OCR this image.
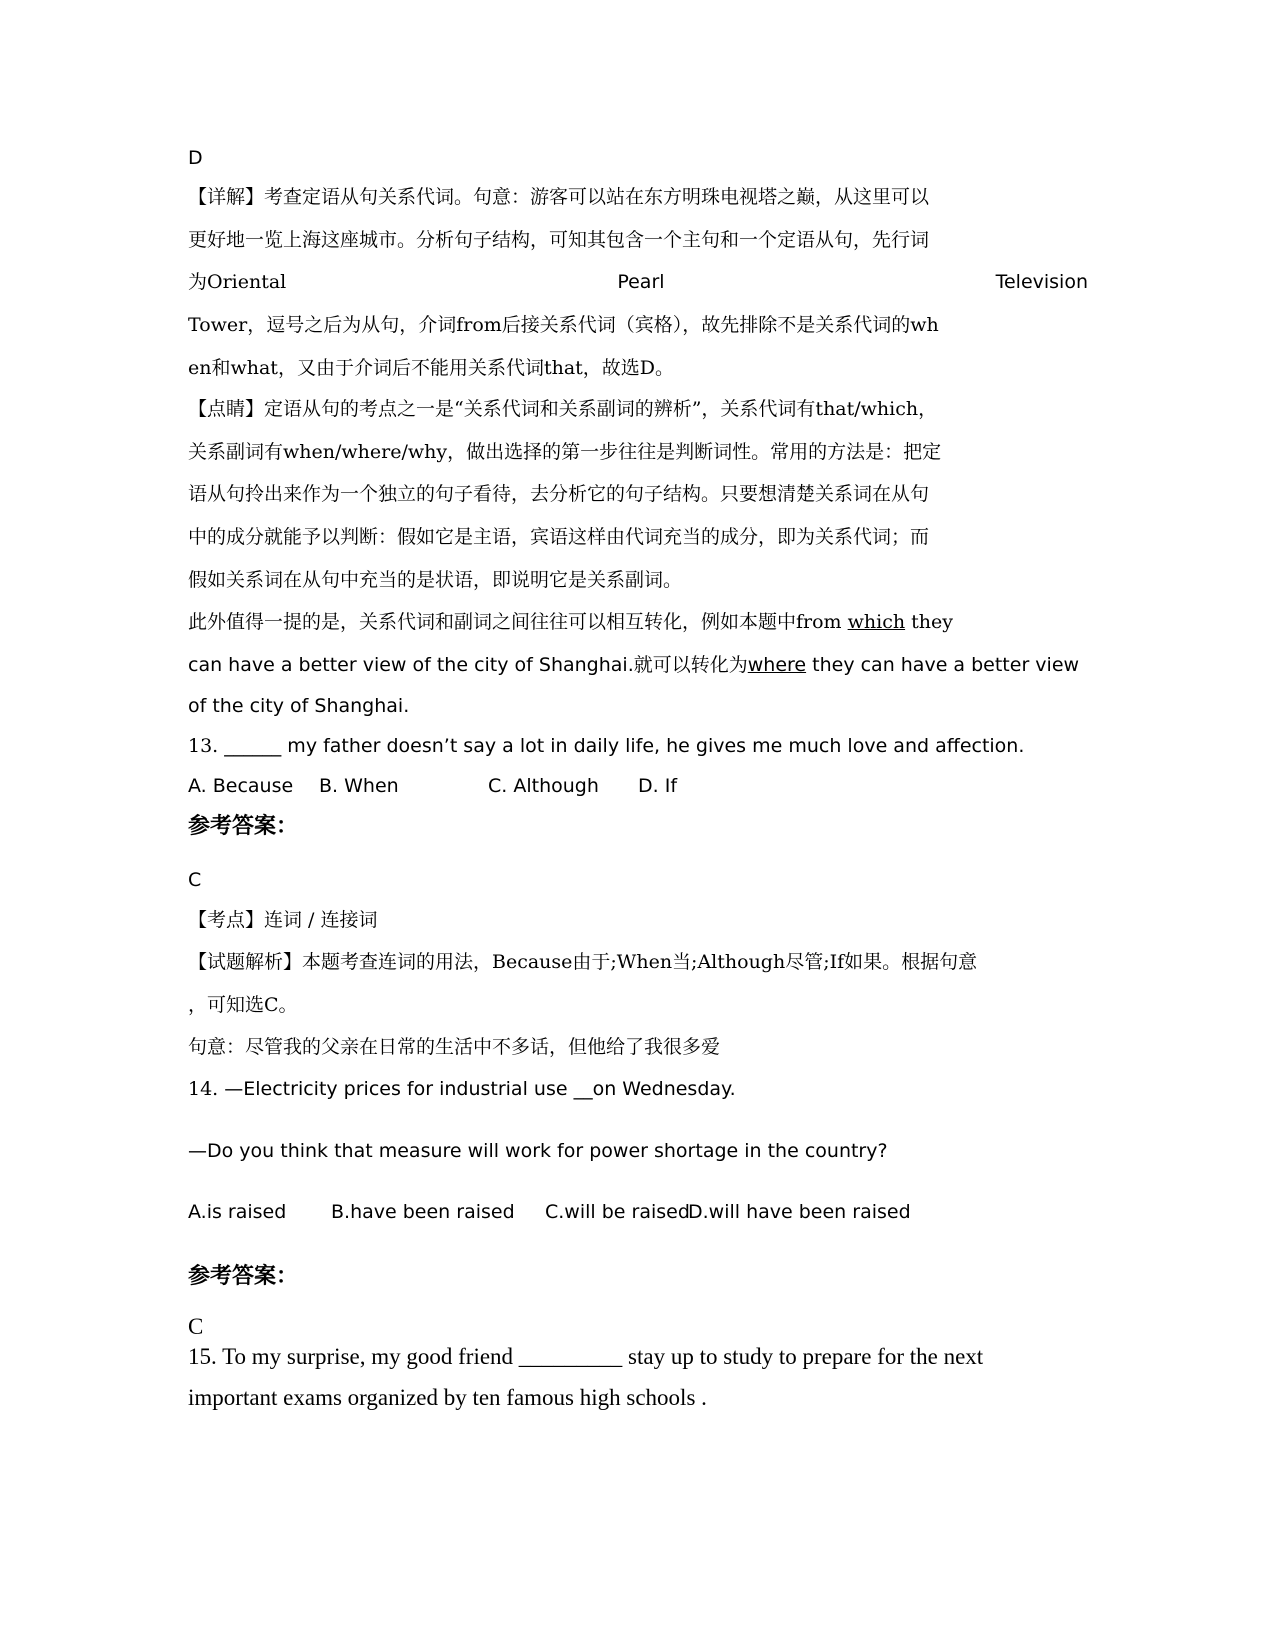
D
【详解】考查定语从句关系代词。句意：游客可以站在东方明珠电视塔之巅，从这里可以
更好地一览上海这座城市。分析句子结构，可知其包含一个主句和一个定语从句，先行词
为Oriental	Pearl	Television
Tower，逗号之后为从句，介词from后接关系代词（宾格），故先排除不是关系代词的wh
en和what，又由于介词后不能用关系代词that，故选D。
【点睛】定语从句的考点之一是“关系代词和关系副词的辨析”，关系代词有that/which，
关系副词有when/where/why，做出选择的第一步往往是判断词性。常用的方法是：把定
语从句拎出来作为一个独立的句子看待，去分析它的句子结构。只要想清楚关系词在从句
中的成分就能予以判断：假如它是主语，宾语这样由代词充当的成分，即为关系代词；而
假如关系词在从句中充当的是状语，即说明它是关系副词。
此外值得一提的是，关系代词和副词之间往往可以相互转化，例如本题中from which they
can have a better view of the city of Shanghai.就可以转化为where they can have a better view
of the city of Shanghai.
13. ______ my father doesn’t say a lot in daily life, he gives me much love and affection.
A. Because B. When	C. Although D. If
参考答案：
C
【考点】连词 / 连接词
【试题解析】本题考查连词的用法，Because由于;When当;Although尽管;If如果。根据句意
，可知选C。
句意：尽管我的父亲在日常的生活中不多话，但他给了我很多爱
14. —Electricity prices for industrial use __on Wednesday.
—Do you think that measure will work for power shortage in the country?
A.is raised B.have been raised C.will be raised
D.will have been raised
参考答案：
C
15. To my surprise, my good friend _________ stay up to study to prepare for the next
important exams organized by ten famous high schools .
